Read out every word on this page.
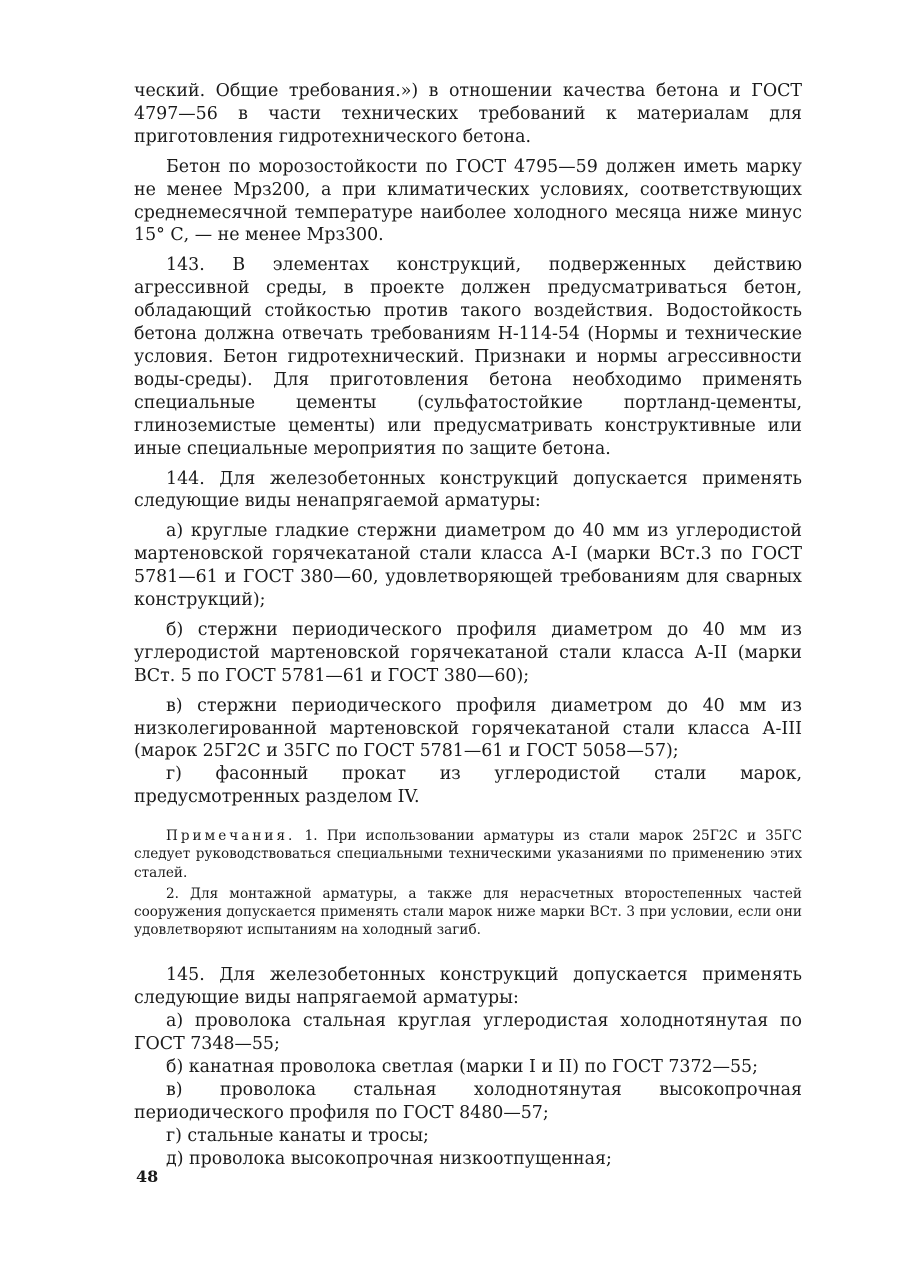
ческий. Общие требования.») в отношении качества бетона и ГОСТ 4797—56 в части технических требований к материалам для приготовления гидротехнического бетона.

Бетон по морозостойкости по ГОСТ 4795—59 должен иметь марку не менее Мрз200, а при климатических условиях, соответствующих среднемесячной температуре наиболее холодного месяца ниже минус 15° С, — не менее Мрз300.

143. В элементах конструкций, подверженных действию агрессивной среды, в проекте должен предусматриваться бетон, обладающий стойкостью против такого воздействия. Водостойкость бетона должна отвечать требованиям Н-114-54 (Нормы и технические условия. Бетон гидротехнический. Признаки и нормы агрессивности воды-среды). Для приготовления бетона необходимо применять специальные цементы (сульфатостойкие портланд-цементы, глиноземистые цементы) или предусматривать конструктивные или иные специальные мероприятия по защите бетона.

144. Для железобетонных конструкций допускается применять следующие виды ненапрягаемой арматуры:

а) круглые гладкие стержни диаметром до 40 мм из углеродистой мартеновской горячекатаной стали класса А-I (марки ВСт.3 по ГОСТ 5781—61 и ГОСТ 380—60, удовлетворяющей требованиям для сварных конструкций);

б) стержни периодического профиля диаметром до 40 мм из углеродистой мартеновской горячекатаной стали класса А-II (марки ВСт. 5 по ГОСТ 5781—61 и ГОСТ 380—60);

в) стержни периодического профиля диаметром до 40 мм из низколегированной мартеновской горячекатаной стали класса А-III (марок 25Г2С и 35ГС по ГОСТ 5781—61 и ГОСТ 5058—57);

г) фасонный прокат из углеродистой стали марок, предусмотренных разделом IV.

Примечания. 1. При использовании арматуры из стали марок 25Г2С и 35ГС следует руководствоваться специальными техническими указаниями по применению этих сталей.

2. Для монтажной арматуры, а также для нерасчетных второстепенных частей сооружения допускается применять стали марок ниже марки ВСт. 3 при условии, если они удовлетворяют испытаниям на холодный загиб.

145. Для железобетонных конструкций допускается применять следующие виды напрягаемой арматуры:

а) проволока стальная круглая углеродистая холоднотянутая по ГОСТ 7348—55;

б) канатная проволока светлая (марки I и II) по ГОСТ 7372—55;

в) проволока стальная холоднотянутая высокопрочная периодического профиля по ГОСТ 8480—57;

г) стальные канаты и тросы;

д) проволока высокопрочная низкоотпущенная;

48
